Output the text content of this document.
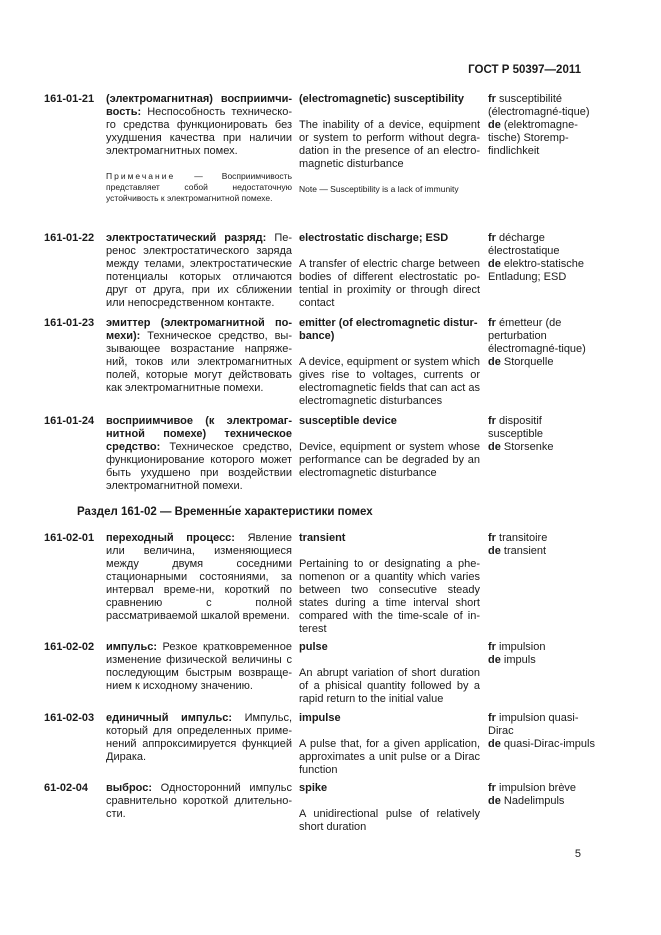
ГОСТ Р 50397—2011
161-01-21 (электромагнитная) восприимчи-вость: Неспособность техническо-го средства функционировать без ухудшения качества при наличии электромагнитных помех.
Примечание — Восприимчивость представляет собой недостаточную устойчивость к электромагнитной помехе.
(electromagnetic) susceptibility
The inability of a device, equipment or system to perform without degra-dation in the presence of an electro-magnetic disturbance
Note — Susceptibility is a lack of immunity
fr susceptibilité (électromagné-tique)
de (elektromagne-tische) Storemp-findlichkeit
161-01-22 электростатический разряд: Пе-ренос электростатического заряда между телами, электростатические потенциалы которых отличаются друг от друга, при их сближении или непосредственном контакте.
electrostatic discharge; ESD
A transfer of electric charge between bodies of different electrostatic po-tential in proximity or through direct contact
fr décharge électrostatique
de elektro-statische Entladung; ESD
161-01-23 эмиттер (электромагнитной по-мехи): Техническое средство, вы-зывающее возрастание напряже-ний, токов или электромагнитных полей, которые могут действовать как электромагнитные помехи.
emitter (of electromagnetic distur-bance)
A device, equipment or system which gives rise to voltages, currents or electromagnetic fields that can act as electromagnetic disturbances
fr émetteur (de perturbation électromagné-tique)
de Storquelle
161-01-24 восприимчивое (к электромаг-нитной помехе) техническое средство: Техническое средство, функционирование которого может быть ухудшено при воздействии электромагнитной помехи.
susceptible device
Device, equipment or system whose performance can be degraded by an electromagnetic disturbance
fr dispositif susceptible
de Storsenke
Раздел 161-02 — Временны́е характеристики помех
161-02-01 переходный процесс: Явление или величина, изменяющиеся между двумя соседними стационарными состояниями, за интервал време-ни, короткий по сравнению с полной рассматриваемой шкалой времени.
transient
Pertaining to or designating a phe-nomenon or a quantity which varies between two consecutive steady states during a time interval short compared with the time-scale of in-terest
fr transitoire
de transient
161-02-02 импульс: Резкое кратковременное изменение физической величины с последующим быстрым возвраще-нием к исходному значению.
pulse
An abrupt variation of short duration of a phisical quantity followed by a rapid return to the initial value
fr impulsion
de impuls
161-02-03 единичный импульс: Импульс, который для определенных приме-нений аппроксимируется функцией Дирака.
impulse
A pulse that, for a given application, approximates a unit pulse or a Dirac function
fr impulsion quasi-Dirac
de quasi-Dirac-impuls
61-02-04 выброс: Односторонний импульс сравнительно короткой длительно-сти.
spike
A unidirectional pulse of relatively short duration
fr impulsion brève
de Nadelimpuls
5
